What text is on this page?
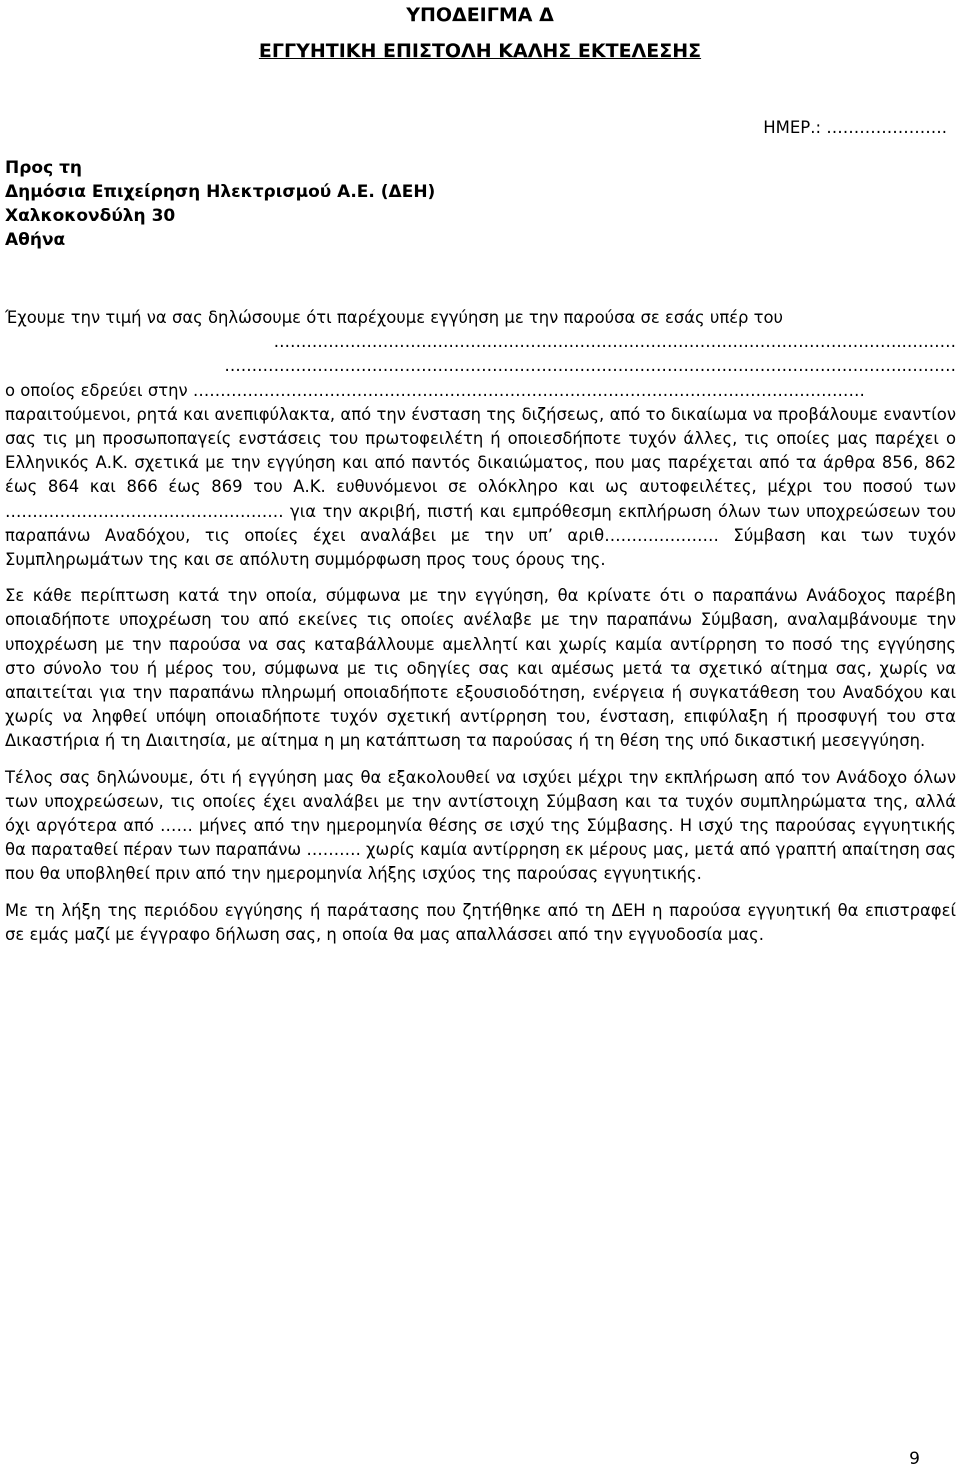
ΥΠΟΔΕΙΓΜΑ Δ
ΕΓΓΥΗΤΙΚΗ ΕΠΙΣΤΟΛΗ ΚΑΛΗΣ ΕΚΤΕΛΕΣΗΣ
ΗΜΕΡ.: ………………….
Προς τη
Δημόσια Επιχείρηση Ηλεκτρισμού Α.Ε. (ΔΕΗ)
Χαλκοκονδύλη 30
Αθήνα

Έχουμε την τιμή να σας δηλώσουμε ότι παρέχουμε εγγύηση με την παρούσα σε εσάς υπέρ του
……………………………………………………………………………………………………..………
……………………………………………………………………………………………………………..………
ο οποίος εδρεύει στην ……………………………………………………………………………………………………………
παραιτούμενοι, ρητά και ανεπιφύλακτα, από την ένσταση της διζήσεως, από το δικαίωμα να προβάλουμε εναντίον σας τις μη προσωποπαγείς ενστάσεις του πρωτοφειλέτη ή οποιεσδήποτε τυχόν άλλες, τις οποίες μας παρέχει ο Ελληνικός Α.Κ. σχετικά με την εγγύηση και από παντός δικαιώματος, που μας παρέχεται από τα άρθρα 856, 862 έως 864 και 866 έως 869 του Α.Κ. ευθυνόμενοι σε ολόκληρο και ως αυτοφειλέτες, μέχρι του ποσού των …………………………………………… για την ακριβή, πιστή και εμπρόθεσμη εκπλήρωση όλων των υποχρεώσεων του παραπάνω Αναδόχου, τις οποίες έχει αναλάβει με την υπ’ αριθ………………… Σύμβαση και των τυχόν Συμπληρωμάτων της και σε απόλυτη συμμόρφωση προς τους όρους της.

Σε κάθε περίπτωση κατά την οποία, σύμφωνα με την εγγύηση, θα κρίνατε ότι ο παραπάνω Ανάδοχος παρέβη οποιαδήποτε υποχρέωση του από εκείνες τις οποίες ανέλαβε με την παραπάνω Σύμβαση, αναλαμβάνουμε την υποχρέωση με την παρούσα να σας καταβάλλουμε αμελλητί και χωρίς καμία αντίρρηση το ποσό της εγγύησης στο σύνολο του ή μέρος του, σύμφωνα με τις οδηγίες σας και αμέσως μετά τα σχετικό αίτημα σας, χωρίς να απαιτείται για την παραπάνω πληρωμή οποιαδήποτε εξουσιοδότηση, ενέργεια ή συγκατάθεση του Αναδόχου και χωρίς να ληφθεί υπόψη οποιαδήποτε τυχόν σχετική αντίρρηση του, ένσταση, επιφύλαξη ή προσφυγή του στα Δικαστήρια ή τη Διαιτησία, με αίτημα η μη κατάπτωση τα παρούσας ή τη θέση της υπό δικαστική μεσεγγύηση.

Τέλος σας δηλώνουμε, ότι ή εγγύηση μας θα εξακολουθεί να ισχύει μέχρι την εκπλήρωση από τον Ανάδοχο όλων των υποχρεώσεων, τις οποίες έχει αναλάβει με την αντίστοιχη Σύμβαση και τα τυχόν συμπληρώματα της, αλλά όχι αργότερα από …… μήνες από την ημερομηνία θέσης σε ισχύ της Σύμβασης. Η ισχύ της παρούσας εγγυητικής θα παραταθεί πέραν των παραπάνω ………. χωρίς καμία αντίρρηση εκ μέρους μας, μετά από γραπτή απαίτηση σας που θα υποβληθεί πριν από την ημερομηνία λήξης ισχύος της παρούσας εγγυητικής.

Με τη λήξη της περιόδου εγγύησης ή παράτασης που ζητήθηκε από τη ΔΕΗ η παρούσα εγγυητική θα επιστραφεί σε εμάς μαζί με έγγραφο δήλωση σας, η οποία θα μας απαλλάσσει από την εγγυοδοσία μας.

9
